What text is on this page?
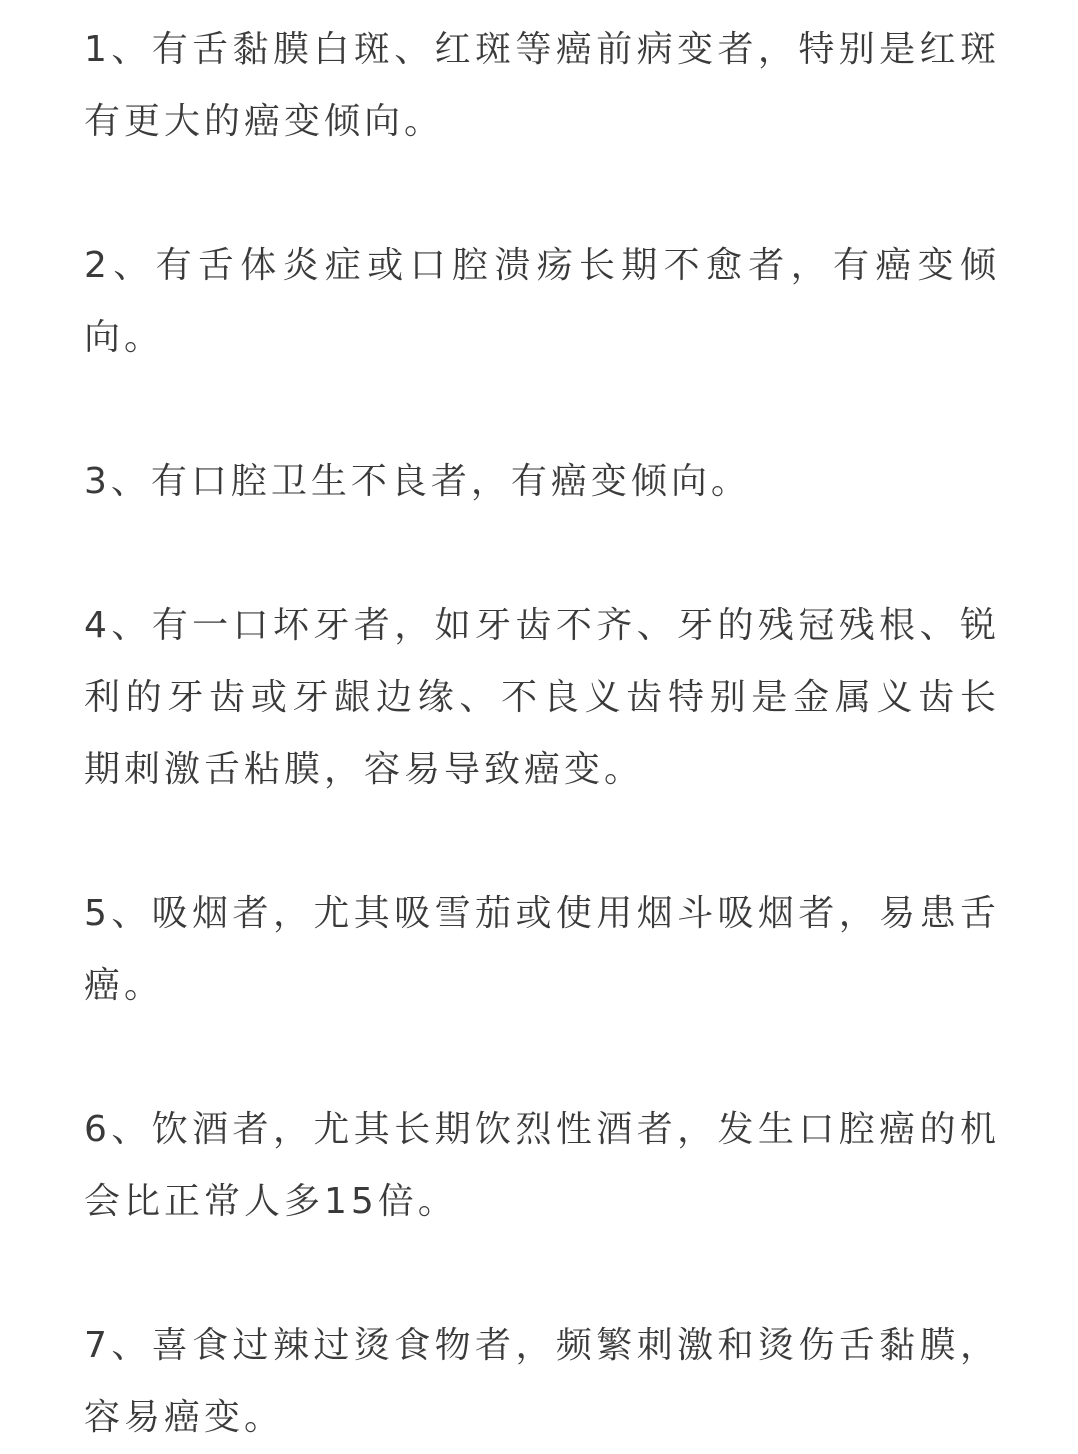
1、有舌黏膜白斑、红斑等癌前病变者，特别是红斑有更大的癌变倾向。

2、有舌体炎症或口腔溃疡长期不愈者，有癌变倾向。

3、有口腔卫生不良者，有癌变倾向。

4、有一口坏牙者，如牙齿不齐、牙的残冠残根、锐利的牙齿或牙龈边缘、不良义齿特别是金属义齿长期刺激舌粘膜，容易导致癌变。

5、吸烟者，尤其吸雪茄或使用烟斗吸烟者，易患舌癌。

6、饮酒者，尤其长期饮烈性酒者，发生口腔癌的机会比正常人多15倍。

7、喜食过辣过烫食物者，频繁刺激和烫伤舌黏膜，容易癌变。
